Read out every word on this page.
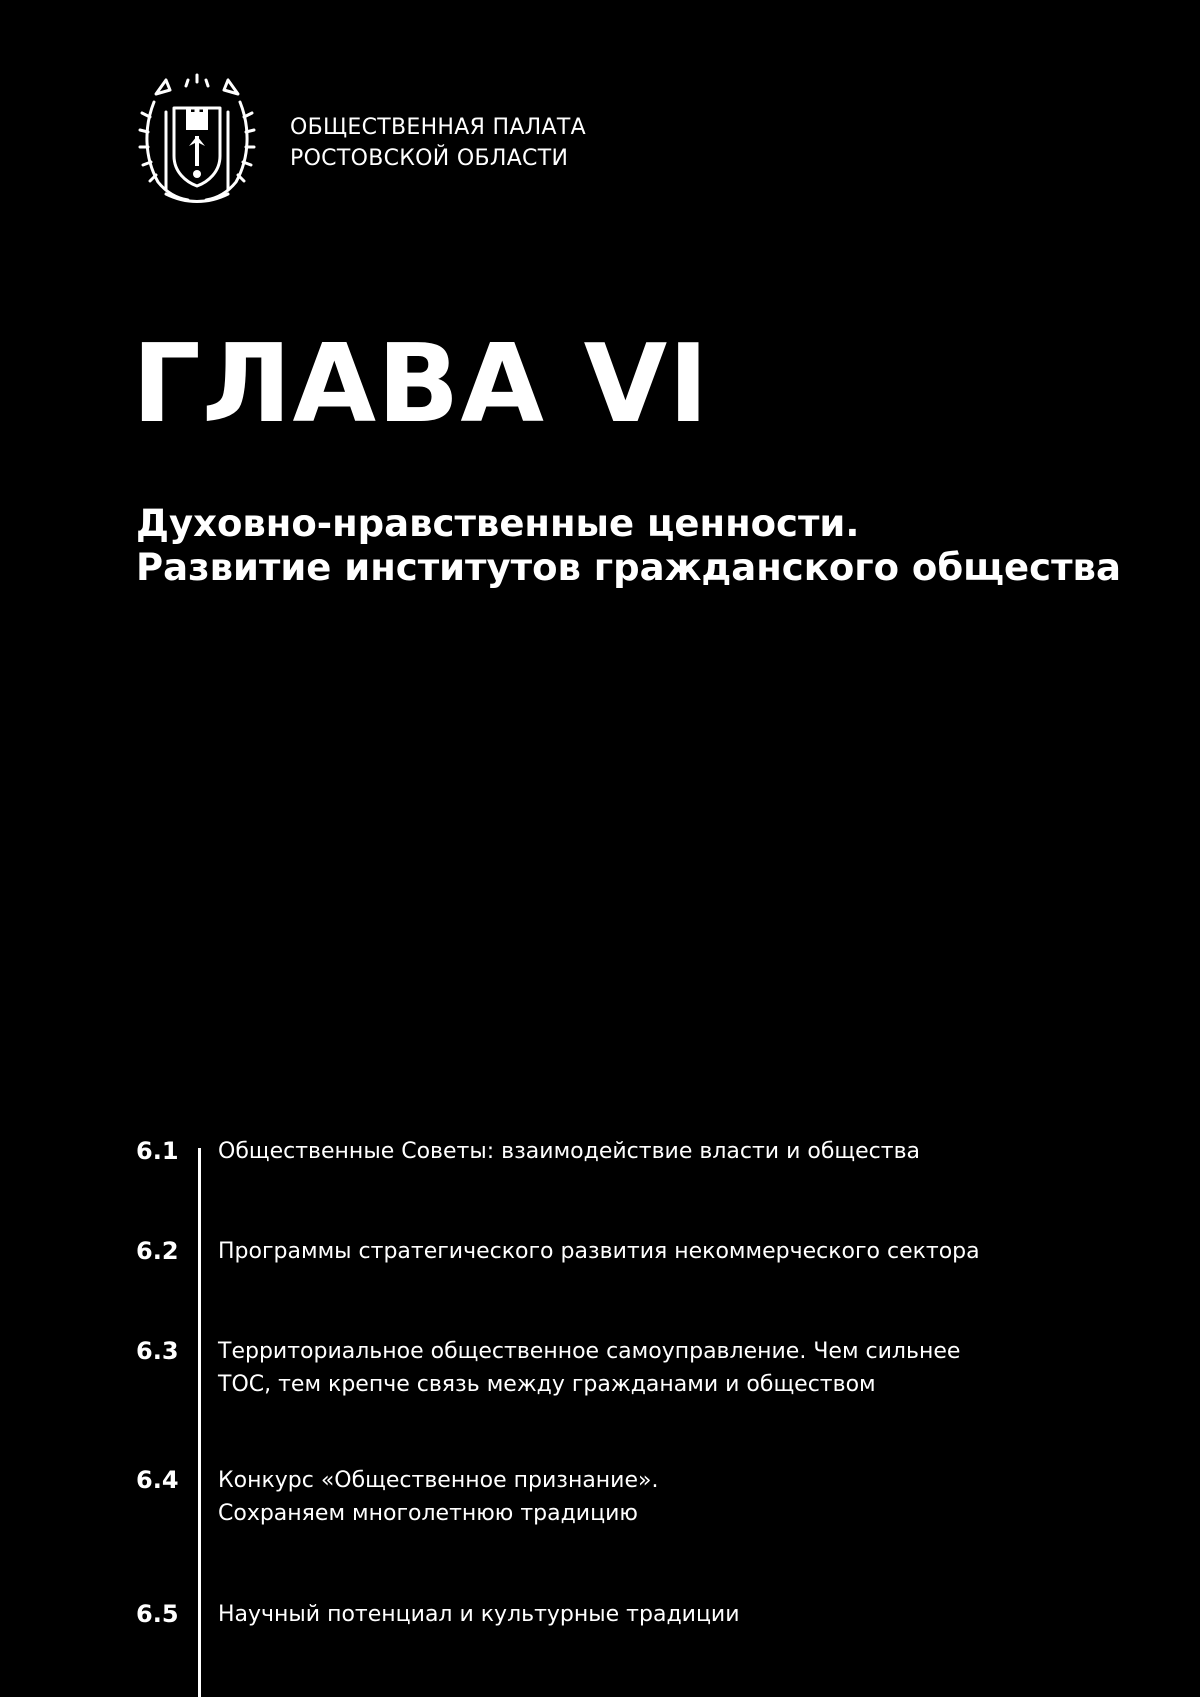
ОБЩЕСТВЕННАЯ ПАЛАТА
РОСТОВСКОЙ ОБЛАСТИ
ГЛАВА VI
Духовно-нравственные ценности.
Развитие институтов гражданского общества
6.1 Общественные Советы: взаимодействие власти и общества
6.2 Программы стратегического развития некоммерческого сектора
6.3 Территориальное общественное самоуправление. Чем сильнее
ТОС, тем крепче связь между гражданами и обществом
6.4 Конкурс «Общественное признание».
Сохраняем многолетнюю традицию
6.5 Научный потенциал и культурные традиции
